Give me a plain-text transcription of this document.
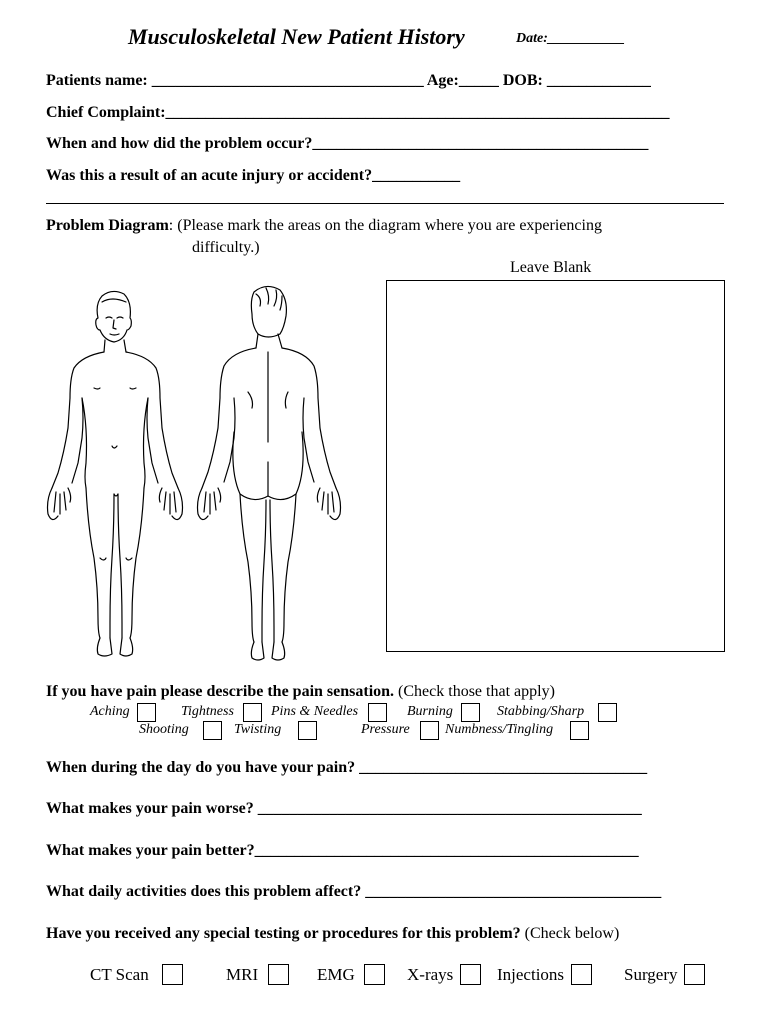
Musculoskeletal New Patient History	Date:___________
Patients name: __________________________________ Age:_____ DOB: _____________
Chief Complaint:_______________________________________________________________
When and how did the problem occur?__________________________________________
Was this a result of an acute injury or accident?___________
Problem Diagram: (Please mark the areas on the diagram where you are experiencing
difficulty.)
Leave Blank
If you have pain please describe the pain sensation. (Check those that apply)
Aching	Tightness	Pins & Needles	Burning	Stabbing/Sharp
Shooting	Twisting	Pressure	Numbness/Tingling
When during the day do you have your pain? ____________________________________
What makes your pain worse? ________________________________________________
What makes your pain better?________________________________________________
What daily activities does this problem affect? _____________________________________
Have you received any special testing or procedures for this problem? (Check below)
CT Scan	MRI	EMG	X-rays	Injections	Surgery
